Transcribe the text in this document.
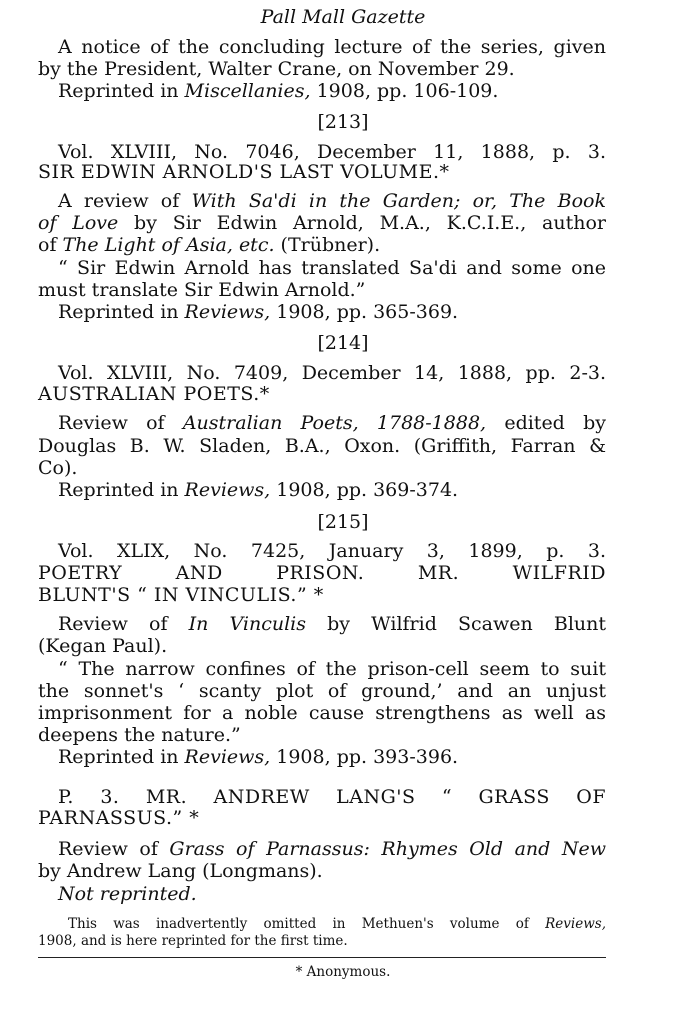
Pall Mall Gazette
A notice of the concluding lecture of the series, given
by the President, Walter Crane, on November 29.
Reprinted in Miscellanies, 1908, pp. 106-109.
[213]
Vol. XLVIII, No. 7046, December 11, 1888, p. 3.
SIR EDWIN ARNOLD'S LAST VOLUME.*
A review of With Sa'di in the Garden; or, The Book
of Love by Sir Edwin Arnold, M.A., K.C.I.E., author
of The Light of Asia, etc. (Trübner).
“ Sir Edwin Arnold has translated Sa'di and some one
must translate Sir Edwin Arnold.”
Reprinted in Reviews, 1908, pp. 365-369.
[214]
Vol. XLVIII, No. 7409, December 14, 1888, pp. 2-3.
AUSTRALIAN POETS.*
Review of Australian Poets, 1788-1888, edited by
Douglas B. W. Sladen, B.A., Oxon. (Griffith, Farran &
Co).
Reprinted in Reviews, 1908, pp. 369-374.
[215]
Vol. XLIX, No. 7425, January 3, 1899, p. 3.
POETRY AND PRISON. MR. WILFRID
BLUNT'S “ IN VINCULIS.” *
Review of In Vinculis by Wilfrid Scawen Blunt
(Kegan Paul).
“ The narrow confines of the prison-cell seem to suit
the sonnet's ‘ scanty plot of ground,’ and an unjust
imprisonment for a noble cause strengthens as well as
deepens the nature.”
Reprinted in Reviews, 1908, pp. 393-396.
P. 3. MR. ANDREW LANG'S “ GRASS OF
PARNASSUS.” *
Review of Grass of Parnassus: Rhymes Old and New
by Andrew Lang (Longmans).
Not reprinted.
This was inadvertently omitted in Methuen's volume of Reviews,
1908, and is here reprinted for the first time.
* Anonymous.
